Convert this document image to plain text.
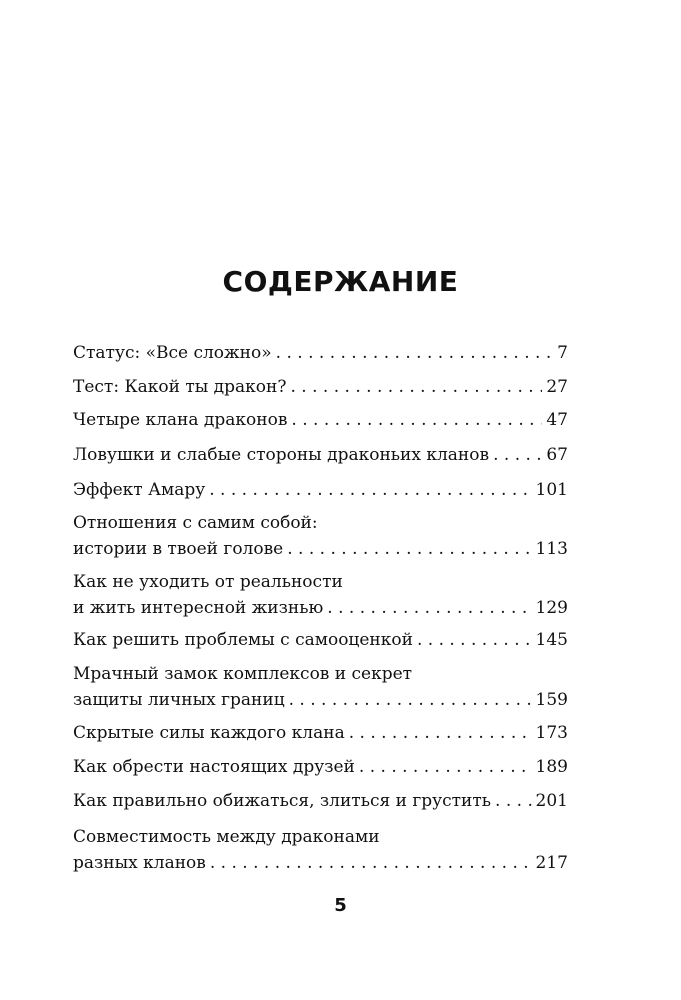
СОДЕРЖАНИЕ
Статус: «Все сложно» . . .	7
Тест: Какой ты дракон? . . .	27
Четыре клана драконов . . .	47
Ловушки и слабые стороны драконьих кланов . . .	67
Эффект Амару . . .	101
Отношения с самим собой:
истории в твоей голове . . .	113
Как не уходить от реальности
и жить интересной жизнью . . .	129
Как решить проблемы с самооценкой . . .	145
Мрачный замок комплексов и секрет
защиты личных границ . . .	159
Скрытые силы каждого клана . . .	173
Как обрести настоящих друзей . . .	189
Как правильно обижаться, злиться и грустить . . .	201
Совместимость между драконами
разных кланов . . .	217
5
